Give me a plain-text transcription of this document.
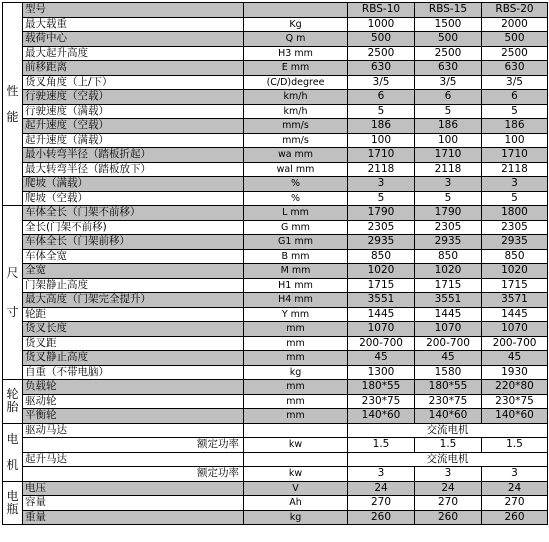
性

能	型号		RBS-10	RBS-15	RBS-20
	最大载重	Kg	1000	1500	2000
	载荷中心	Q m	500	500	500
	最大起升高度	H3 mm	2500	2500	2500
	前移距离	E mm	630	630	630
	货叉角度（上/下）	(C/D)degree	3/5	3/5	3/5
	行驶速度（空载）	km/h	6	6	6
	行驶速度（满载）	km/h	5	5	5
	起升速度（空载）	mm/s	186	186	186
	起升速度（满载）	mm/s	100	100	100
	最小转弯半径（踏板折起）	wa mm	1710	1710	1710
	最大转弯半径（踏板放下）	wal mm	2118	2118	2118
	爬坡（满载）	%	3	3	3
	爬坡（空载）	%	5	5	5
尺

寸	车体全长（门架不前移）	L mm	1790	1790	1800
	全长(门架不前移)	G mm	2305	2305	2305
	车体全长（门架前移）	G1 mm	2935	2935	2935
	车体全宽	B mm	850	850	850
	全宽	M mm	1020	1020	1020
	门架静止高度	H1 mm	1715	1715	1715
	最大高度（门架完全提升）	H4 mm	3551	3551	3571
	轮距	Y mm	1445	1445	1445
	货叉长度	mm	1070	1070	1070
	货叉距	mm	200-700	200-700	200-700
	货叉静止高度	mm	45	45	45
	自重（不带电脑）	kg	1300	1580	1930
轮
胎	负载轮	mm	180*55	180*55	220*80
	驱动轮	mm	230*75	230*75	230*75
	平衡轮	mm	140*60	140*60	140*60
电

机	驱动马达		交流电机		
	额定功率	kw	1.5	1.5	1.5
	起升马达		交流电机		
	额定功率	kw	3	3	3
电
瓶	电压	V	24	24	24
	容量	Ah	270	270	270
	重量	kg	260	260	260
